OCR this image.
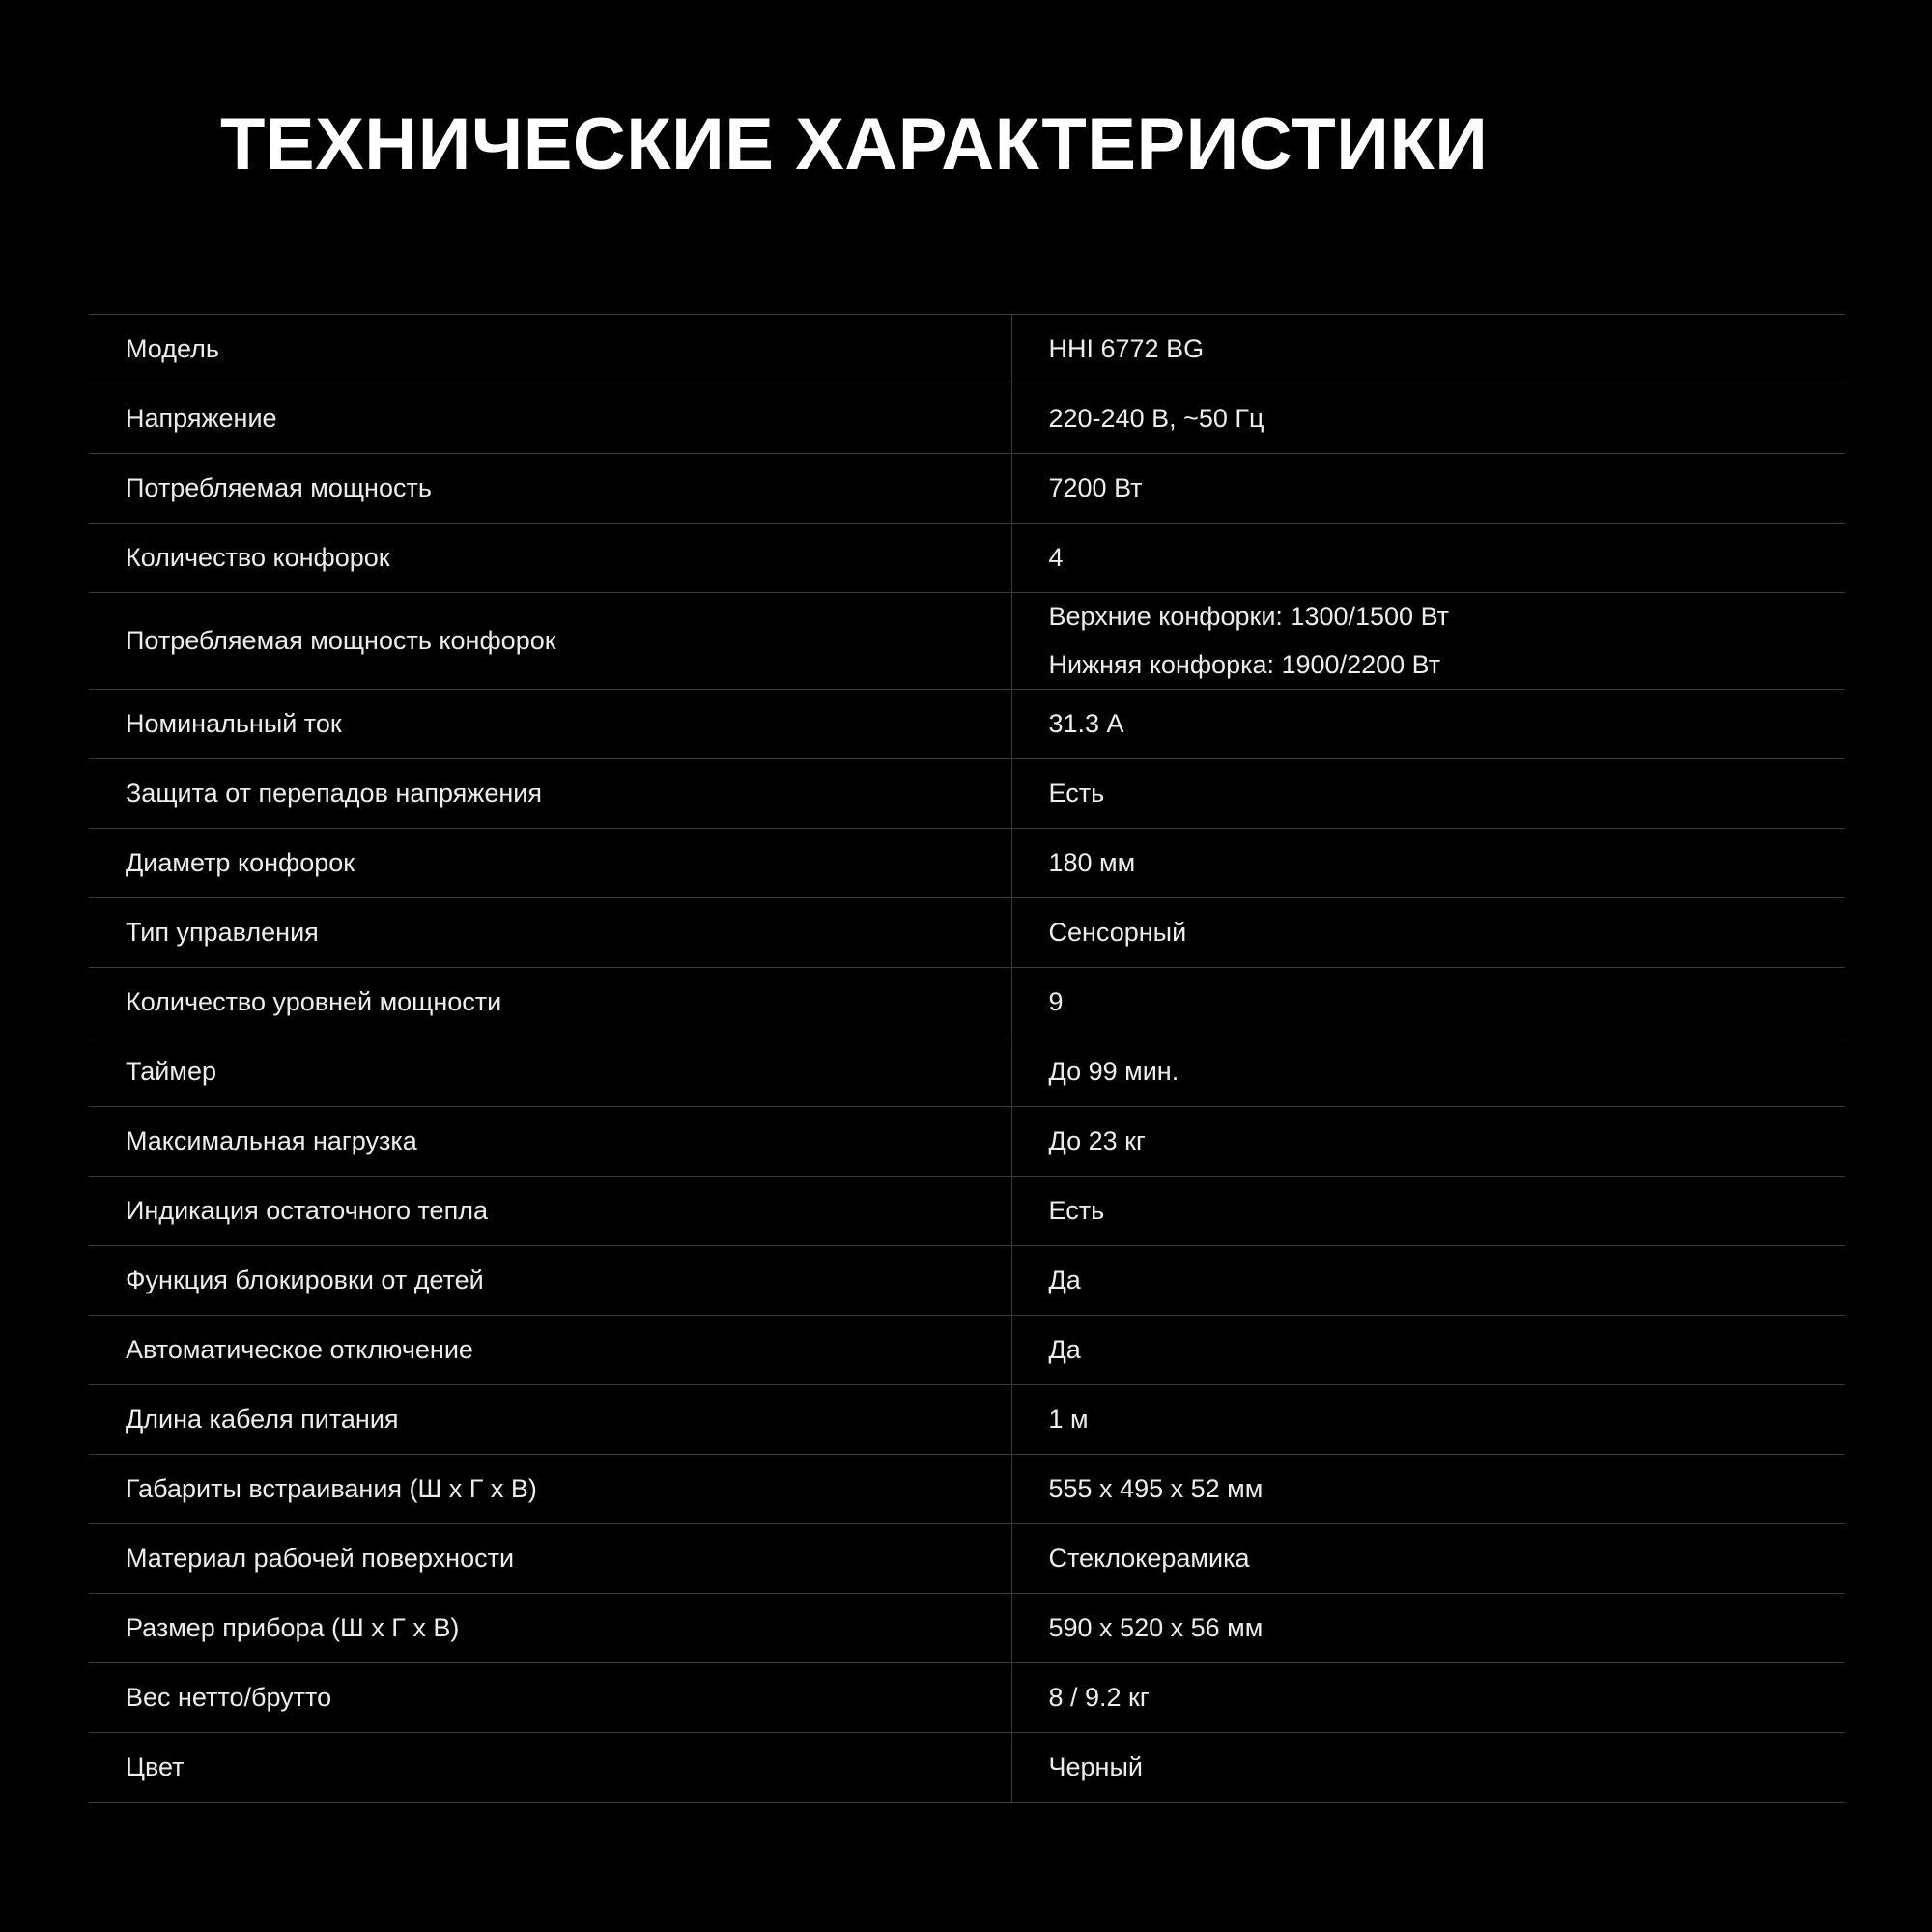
ТЕХНИЧЕСКИЕ ХАРАКТЕРИСТИКИ
Модель	HHI 6772 BG
Напряжение	220-240 В, ~50 Гц
Потребляемая мощность	7200 Вт
Количество конфорок	4
Потребляемая мощность конфорок	Верхние конфорки: 1300/1500 Вт
Нижняя конфорка: 1900/2200 Вт

Номинальный ток	31.3 А
Защита от перепадов напряжения	Есть
Диаметр конфорок	180 мм
Тип управления	Сенсорный
Количество уровней мощности	9
Таймер	До 99 мин.
Максимальная нагрузка	До 23 кг
Индикация остаточного тепла	Есть
Функция блокировки от детей	Да
Автоматическое отключение	Да
Длина кабеля питания	1 м
Габариты встраивания (Ш х Г х В)	555 х 495 х 52 мм
Материал рабочей поверхности	Стеклокерамика
Размер прибора (Ш х Г х В)	590 х 520 х 56 мм
Вес нетто/брутто	8 / 9.2 кг
Цвет	Черный
